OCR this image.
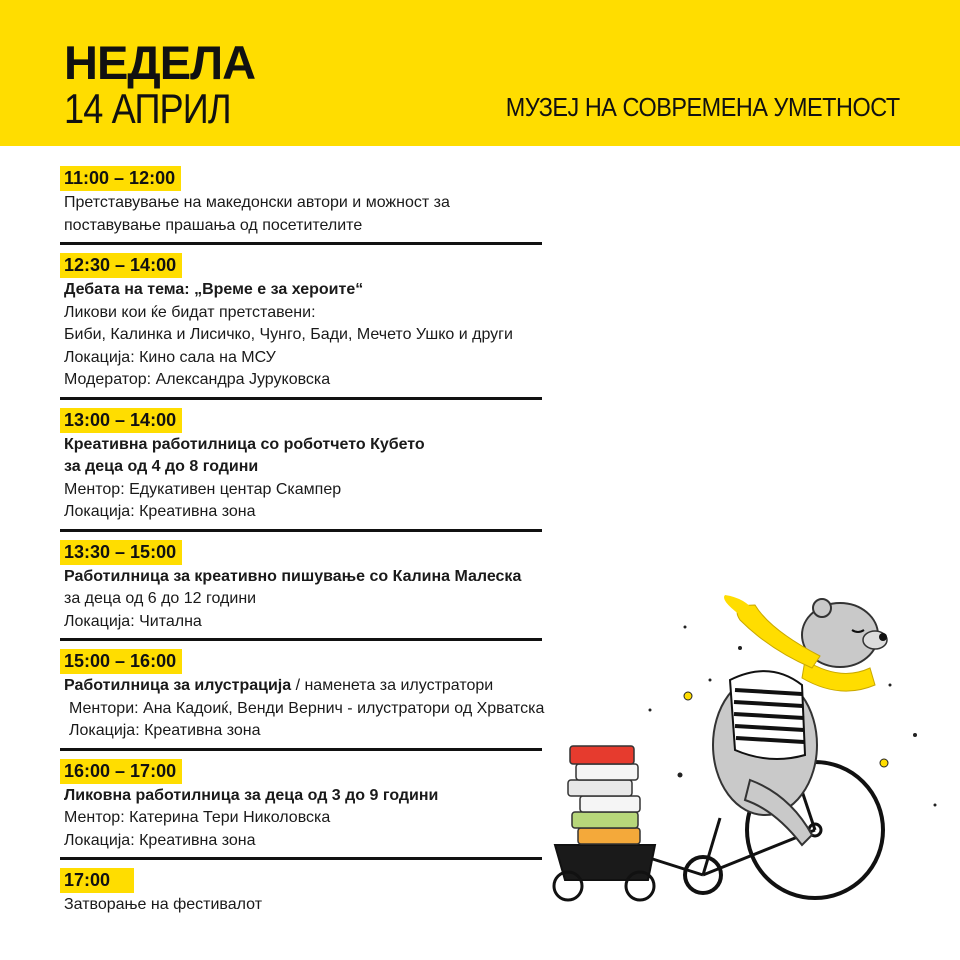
НЕДЕЛА
14 АПРИЛ	МУЗЕЈ НА СОВРЕМЕНА УМЕТНОСТ
11:00 – 12:00
Претставување на македонски автори и можност за
поставување прашања од посетителите
12:30 – 14:00
Дебата на тема: „Време е за хероите“
Ликови кои ќе бидат претставени:
Биби, Калинка и Лисичко, Чунго, Бади, Мечето Ушко и други
Локација: Кино сала на МСУ
Модератор: Александра Јуруковска
13:00 – 14:00
Креативна работилница со роботчето Кубето
за деца од 4 до 8 години
Ментор: Едукативен центар Скампер
Локација: Креативна зона
13:30 – 15:00
Работилница за креативно пишување со Калина Малеска
за деца од 6 до 12 години
Локација: Читална
15:00 – 16:00
Работилница за илустрација / наменета за илустратори
Ментори: Ана Кадоиќ, Венди Вернич - илустратори од Хрватска
Локација: Креативна зона
16:00 – 17:00
Ликовна работилница за деца од 3 до 9 години
Ментор: Катерина Тери Николовска
Локација: Креативна зона
17:00
Затворање на фестивалот
